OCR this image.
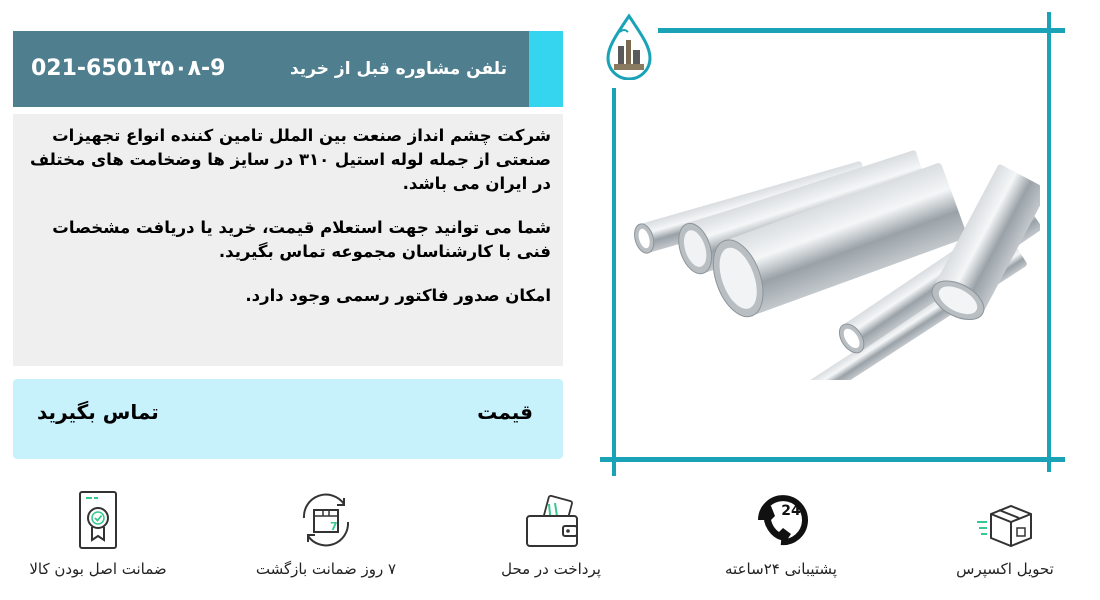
تلفن مشاوره قبل از خرید
021-6501۳۵۰۸-9

شرکت چشم انداز صنعت بین الملل تامین کننده انواع تجهیزات صنعتی از جمله لوله استیل ۳۱۰ در سایز ها وضخامت های مختلف در ایران می باشد.

شما می توانید جهت استعلام قیمت، خرید یا دریافت مشخصات فنی با کارشناسان مجموعه تماس بگیرید.

امکان صدور فاکتور رسمی وجود دارد.

قیمت
تماس بگیرید
تحویل اکسپرس
24
پشتیبانی ۲۴ساعته
پرداخت در محل
7
۷ روز ضمانت بازگشت
ضمانت اصل بودن کالا
